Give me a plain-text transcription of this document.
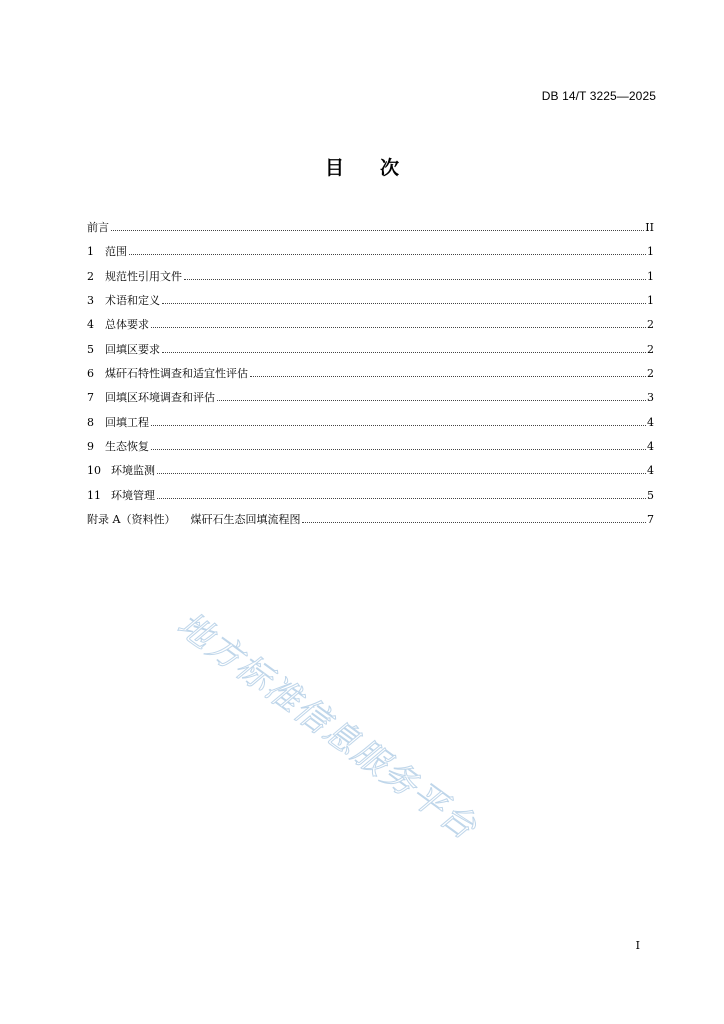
DB 14/T 3225—2025
目次
前言	II
1	范围	1
2	规范性引用文件	1
3	术语和定义	1
4	总体要求	2
5	回填区要求	2
6	煤矸石特性调查和适宜性评估	2
7	回填区环境调查和评估	3
8	回填工程	4
9	生态恢复	4
10 环境监测	4
11 环境管理	5
附录 A（资料性） 煤矸石生态回填流程图	7
地方标准信息服务平台
I
